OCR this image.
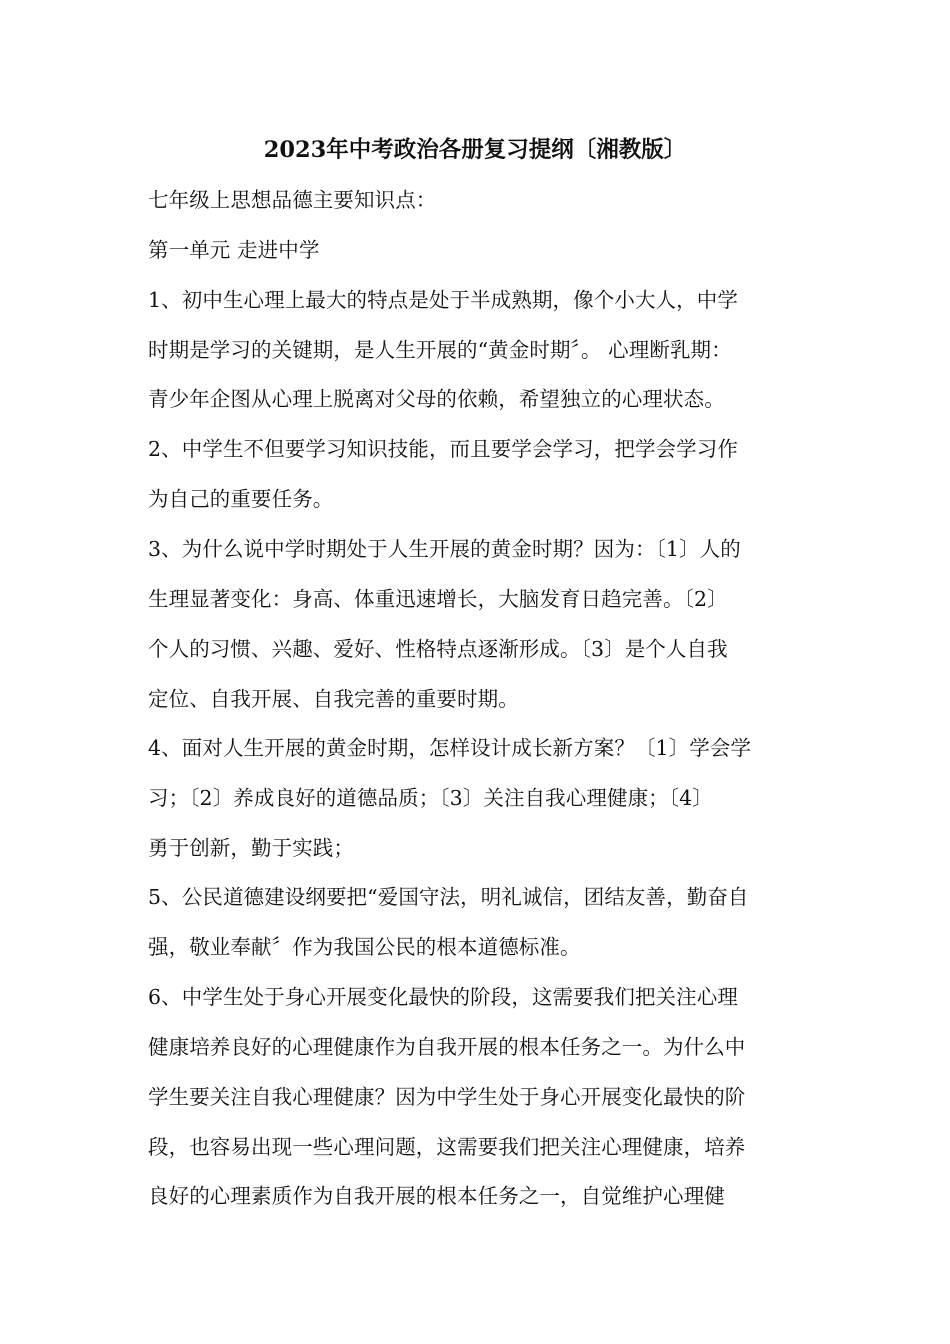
2023年中考政治各册复习提纲〔湘教版〕
七年级上思想品德主要知识点：
第一单元 走进中学
1、初中生心理上最大的特点是处于半成熟期，像个小大人，中学
时期是学习的关键期，是人生开展的“黄金时期〞。 心理断乳期：
青少年企图从心理上脱离对父母的依赖，希望独立的心理状态。
2、中学生不但要学习知识技能，而且要学会学习，把学会学习作
为自己的重要任务。
3、为什么说中学时期处于人生开展的黄金时期？因为：〔1〕人的
生理显著变化：身高、体重迅速增长，大脑发育日趋完善。〔2〕
个人的习惯、兴趣、爱好、性格特点逐渐形成。〔3〕是个人自我
定位、自我开展、自我完善的重要时期。
4、面对人生开展的黄金时期，怎样设计成长新方案？〔1〕学会学
习；〔2〕养成良好的道德品质；〔3〕关注自我心理健康；〔4〕
勇于创新，勤于实践；
5、公民道德建设纲要把“爱国守法，明礼诚信，团结友善，勤奋自
强，敬业奉献〞作为我国公民的根本道德标准。
6、中学生处于身心开展变化最快的阶段，这需要我们把关注心理
健康培养良好的心理健康作为自我开展的根本任务之一。为什么中
学生要关注自我心理健康？因为中学生处于身心开展变化最快的阶
段，也容易出现一些心理问题，这需要我们把关注心理健康，培养
良好的心理素质作为自我开展的根本任务之一，自觉维护心理健
